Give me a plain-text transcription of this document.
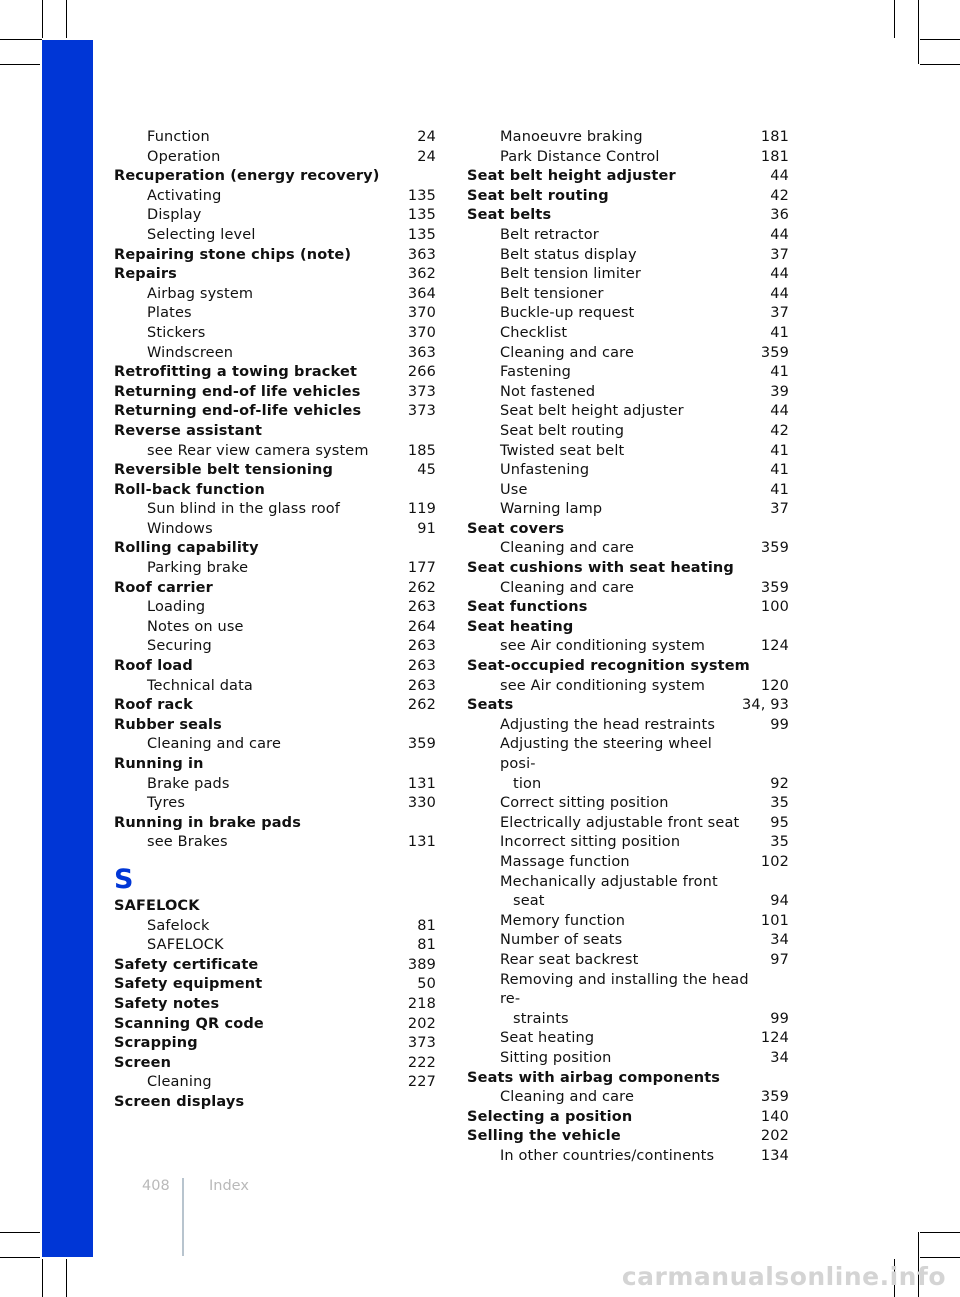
Function	24
Operation	24
Recuperation (energy recovery)
Activating	135
Display	135
Selecting level	135
Repairing stone chips (note)	363
Repairs	362
Airbag system	364
Plates	370
Stickers	370
Windscreen	363
Retrofitting a towing bracket	266
Returning end-of life vehicles	373
Returning end-of-life vehicles	373
Reverse assistant
see Rear view camera system	185
Reversible belt tensioning	45
Roll-back function
Sun blind in the glass roof	119
Windows	91
Rolling capability
Parking brake	177
Roof carrier	262
Loading	263
Notes on use	264
Securing	263
Roof load	263
Technical data	263
Roof rack	262
Rubber seals
Cleaning and care	359
Running in
Brake pads	131
Tyres	330
Running in brake pads
see Brakes	131
S
SAFELOCK
Safelock	81
SAFELOCK	81
Safety certificate	389
Safety equipment	50
Safety notes	218
Scanning QR code	202
Scrapping	373
Screen	222
Cleaning	227
Screen displays
Manoeuvre braking	181
Park Distance Control	181
Seat belt height adjuster	44
Seat belt routing	42
Seat belts	36
Belt retractor	44
Belt status display	37
Belt tension limiter	44
Belt tensioner	44
Buckle-up request	37
Checklist	41
Cleaning and care	359
Fastening	41
Not fastened	39
Seat belt height adjuster	44
Seat belt routing	42
Twisted seat belt	41
Unfastening	41
Use	41
Warning lamp	37
Seat covers
Cleaning and care	359
Seat cushions with seat heating
Cleaning and care	359
Seat functions	100
Seat heating
see Air conditioning system	124
Seat-occupied recognition system
see Air conditioning system	120
Seats	34, 93
Adjusting the head restraints	99
Adjusting the steering wheel posi-
tion	92
Correct sitting position	35
Electrically adjustable front seat 95
Incorrect sitting position	35
Massage function	102
Mechanically adjustable front
seat	94
Memory function	101
Number of seats	34
Rear seat backrest	97
Removing and installing the head re-
straints	99
Seat heating	124
Sitting position	34
Seats with airbag components
Cleaning and care	359
Selecting a position	140
Selling the vehicle	202
In other countries/continents	134
408	Index
carmanualsonline.info
